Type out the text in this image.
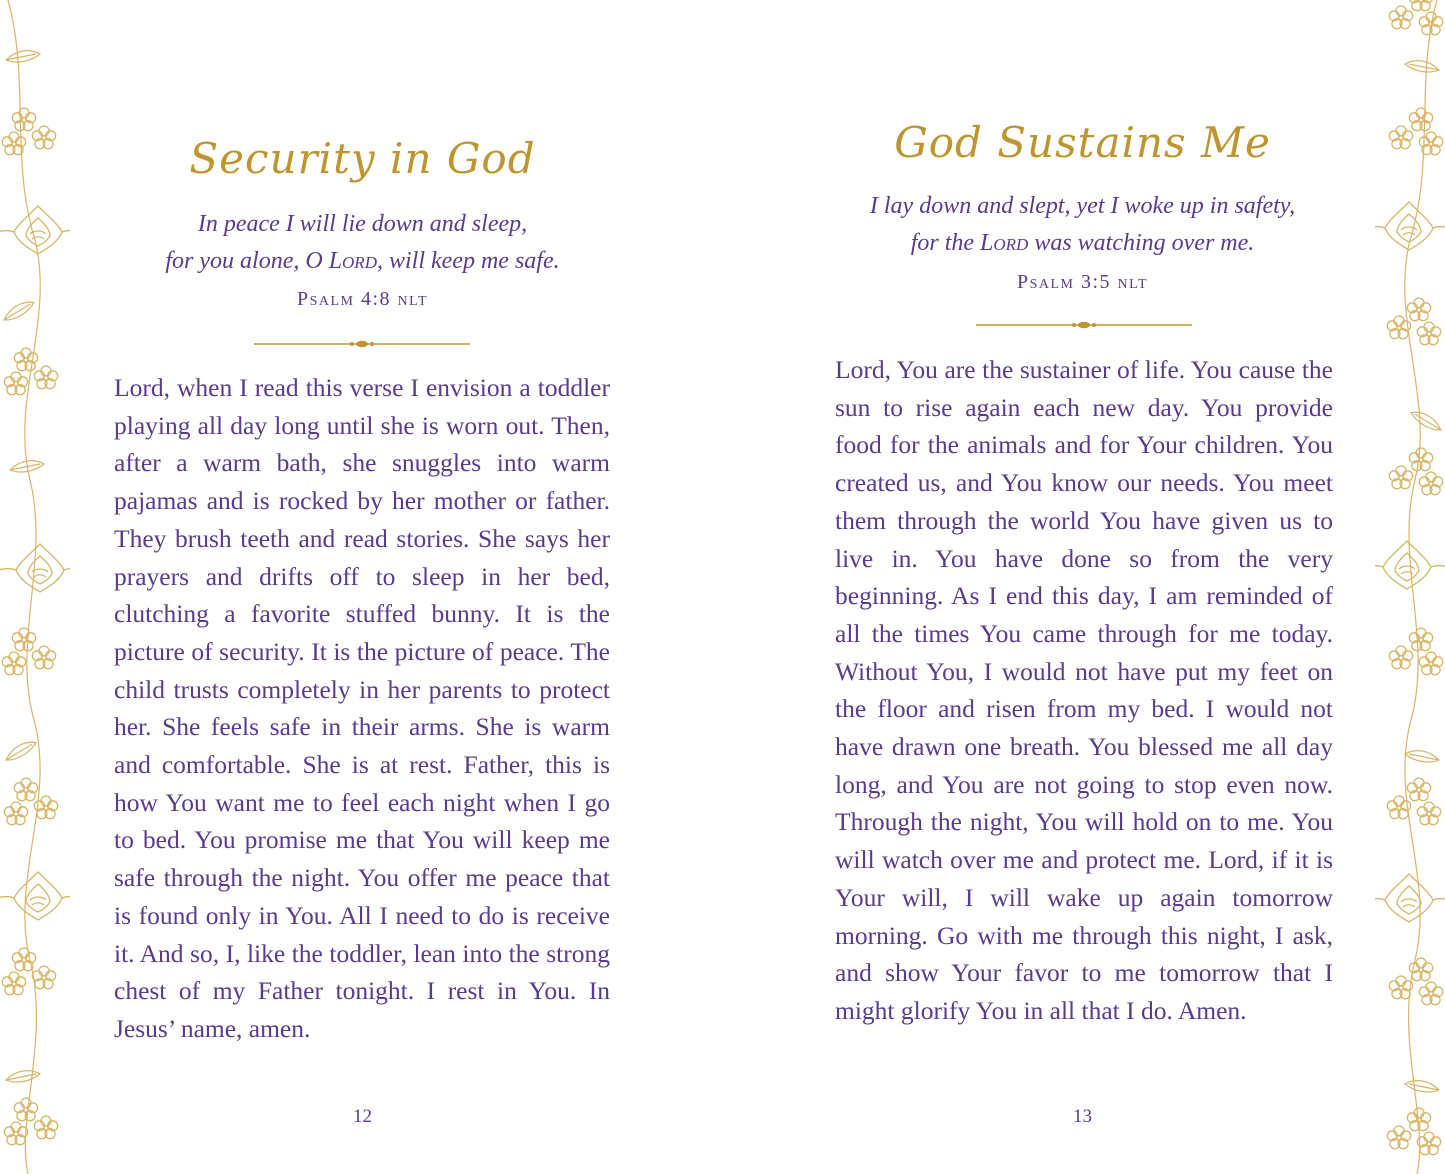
Security in God
In peace I will lie down and sleep,
for you alone, O Lord, will keep me safe.
Psalm 4:8 nlt

Lord, when I read this verse I envision a toddler playing all day long until she is worn out. Then, after a warm bath, she snuggles into warm pajamas and is rocked by her mother or father. They brush teeth and read stories. She says her prayers and drifts off to sleep in her bed, clutching a favorite stuffed bunny. It is the picture of security. It is the picture of peace. The child trusts completely in her parents to protect her. She feels safe in their arms. She is warm and comfortable. She is at rest. Father, this is how You want me to feel each night when I go to bed. You promise me that You will keep me safe through the night. You offer me peace that is found only in You. All I need to do is receive it. And so, I, like the toddler, lean into the strong chest of my Father tonight. I rest in You. In Jesus’ name, amen.

12
God Sustains Me
I lay down and slept, yet I woke up in safety,
for the Lord was watching over me.
Psalm 3:5 nlt

Lord, You are the sustainer of life. You cause the sun to rise again each new day. You provide food for the animals and for Your children. You created us, and You know our needs. You meet them through the world You have given us to live in. You have done so from the very beginning. As I end this day, I am reminded of all the times You came through for me today. Without You, I would not have put my feet on the floor and risen from my bed. I would not have drawn one breath. You blessed me all day long, and You are not going to stop even now. Through the night, You will hold on to me. You will watch over me and protect me. Lord, if it is Your will, I will wake up again tomorrow morning. Go with me through this night, I ask, and show Your favor to me tomorrow that I might glorify You in all that I do. Amen.

13
